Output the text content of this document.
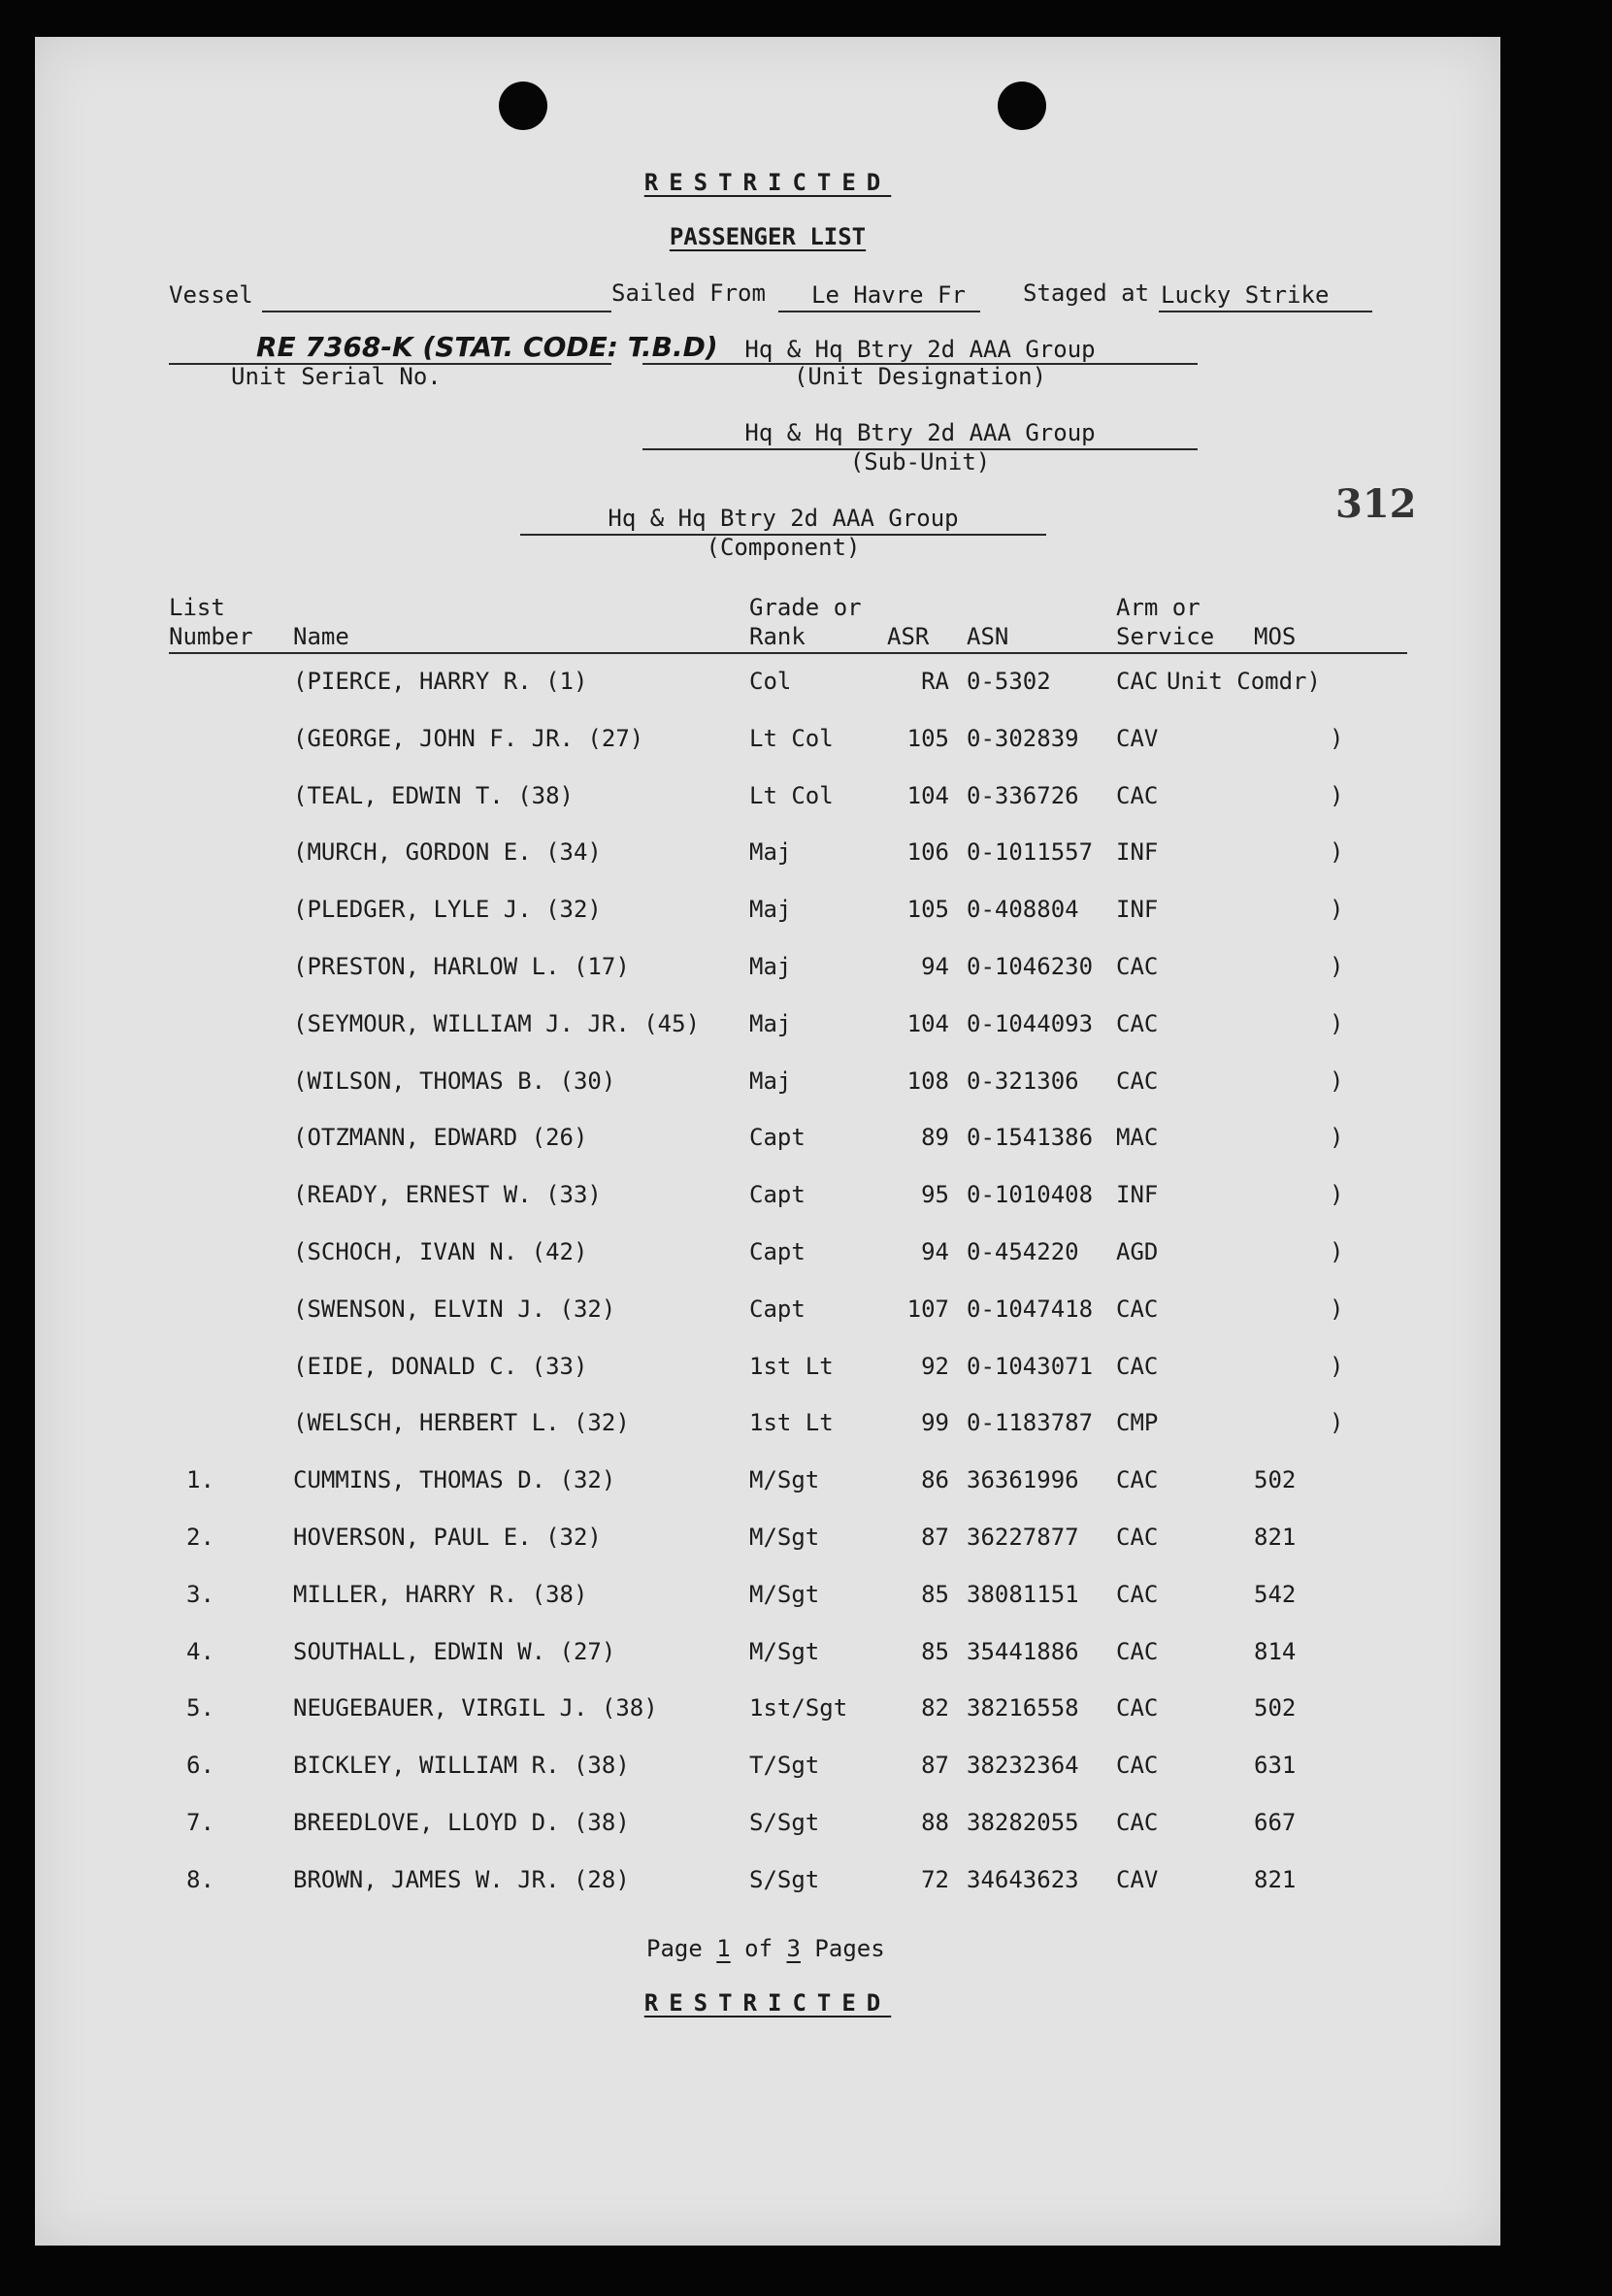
RESTRICTED
PASSENGER LIST
Vessel	Sailed From Le Havre Fr Staged at Lucky Strike
RE 7368-K (STAT. CODE: T.B.D)
Unit Serial No.
Hq & Hq Btry 2d AAA Group
(Unit Designation)
Hq & Hq Btry 2d AAA Group
(Sub-Unit)
Hq & Hq Btry 2d AAA Group
(Component)
312
List
Number Name
Grade or
Rank	ASR ASN
Arm or
Service MOS
(PIERCE, HARRY R. (1)	Col	RA 0-5302	CAC Unit Comdr)
(GEORGE, JOHN F. JR. (27)	Lt Col	105 0-302839 CAV	)
(TEAL, EDWIN T. (38)	Lt Col	104 0-336726 CAC	)
(MURCH, GORDON E. (34)	Maj	106 0-1011557 INF	)
(PLEDGER, LYLE J. (32)	Maj	105 0-408804 INF	)
(PRESTON, HARLOW L. (17)	Maj	94 0-1046230 CAC	)
(SEYMOUR, WILLIAM J. JR. (45) Maj	104 0-1044093 CAC	)
(WILSON, THOMAS B. (30)	Maj	108 0-321306 CAC	)
(OTZMANN, EDWARD (26)	Capt	89 0-1541386 MAC	)
(READY, ERNEST W. (33)	Capt	95 0-1010408 INF	)
(SCHOCH, IVAN N. (42)	Capt	94 0-454220 AGD	)
(SWENSON, ELVIN J. (32)	Capt	107 0-1047418 CAC	)
(EIDE, DONALD C. (33)	1st Lt	92 0-1043071 CAC	)
(WELSCH, HERBERT L. (32)	1st Lt	99 0-1183787 CMP	)
1.	CUMMINS, THOMAS D. (32)	M/Sgt	86 36361996 CAC	502
2.	HOVERSON, PAUL E. (32)	M/Sgt	87 36227877 CAC	821
3.	MILLER, HARRY R. (38)	M/Sgt	85 38081151 CAC	542
4.	SOUTHALL, EDWIN W. (27)	M/Sgt	85 35441886 CAC	814
5.	NEUGEBAUER, VIRGIL J. (38)	1st/Sgt	82 38216558 CAC	502
6.	BICKLEY, WILLIAM R. (38)	T/Sgt	87 38232364 CAC	631
7.	BREEDLOVE, LLOYD D. (38)	S/Sgt	88 38282055 CAC	667
8.	BROWN, JAMES W. JR. (28)	S/Sgt	72 34643623 CAV	821
Page 1 of 3 Pages
RESTRICTED
